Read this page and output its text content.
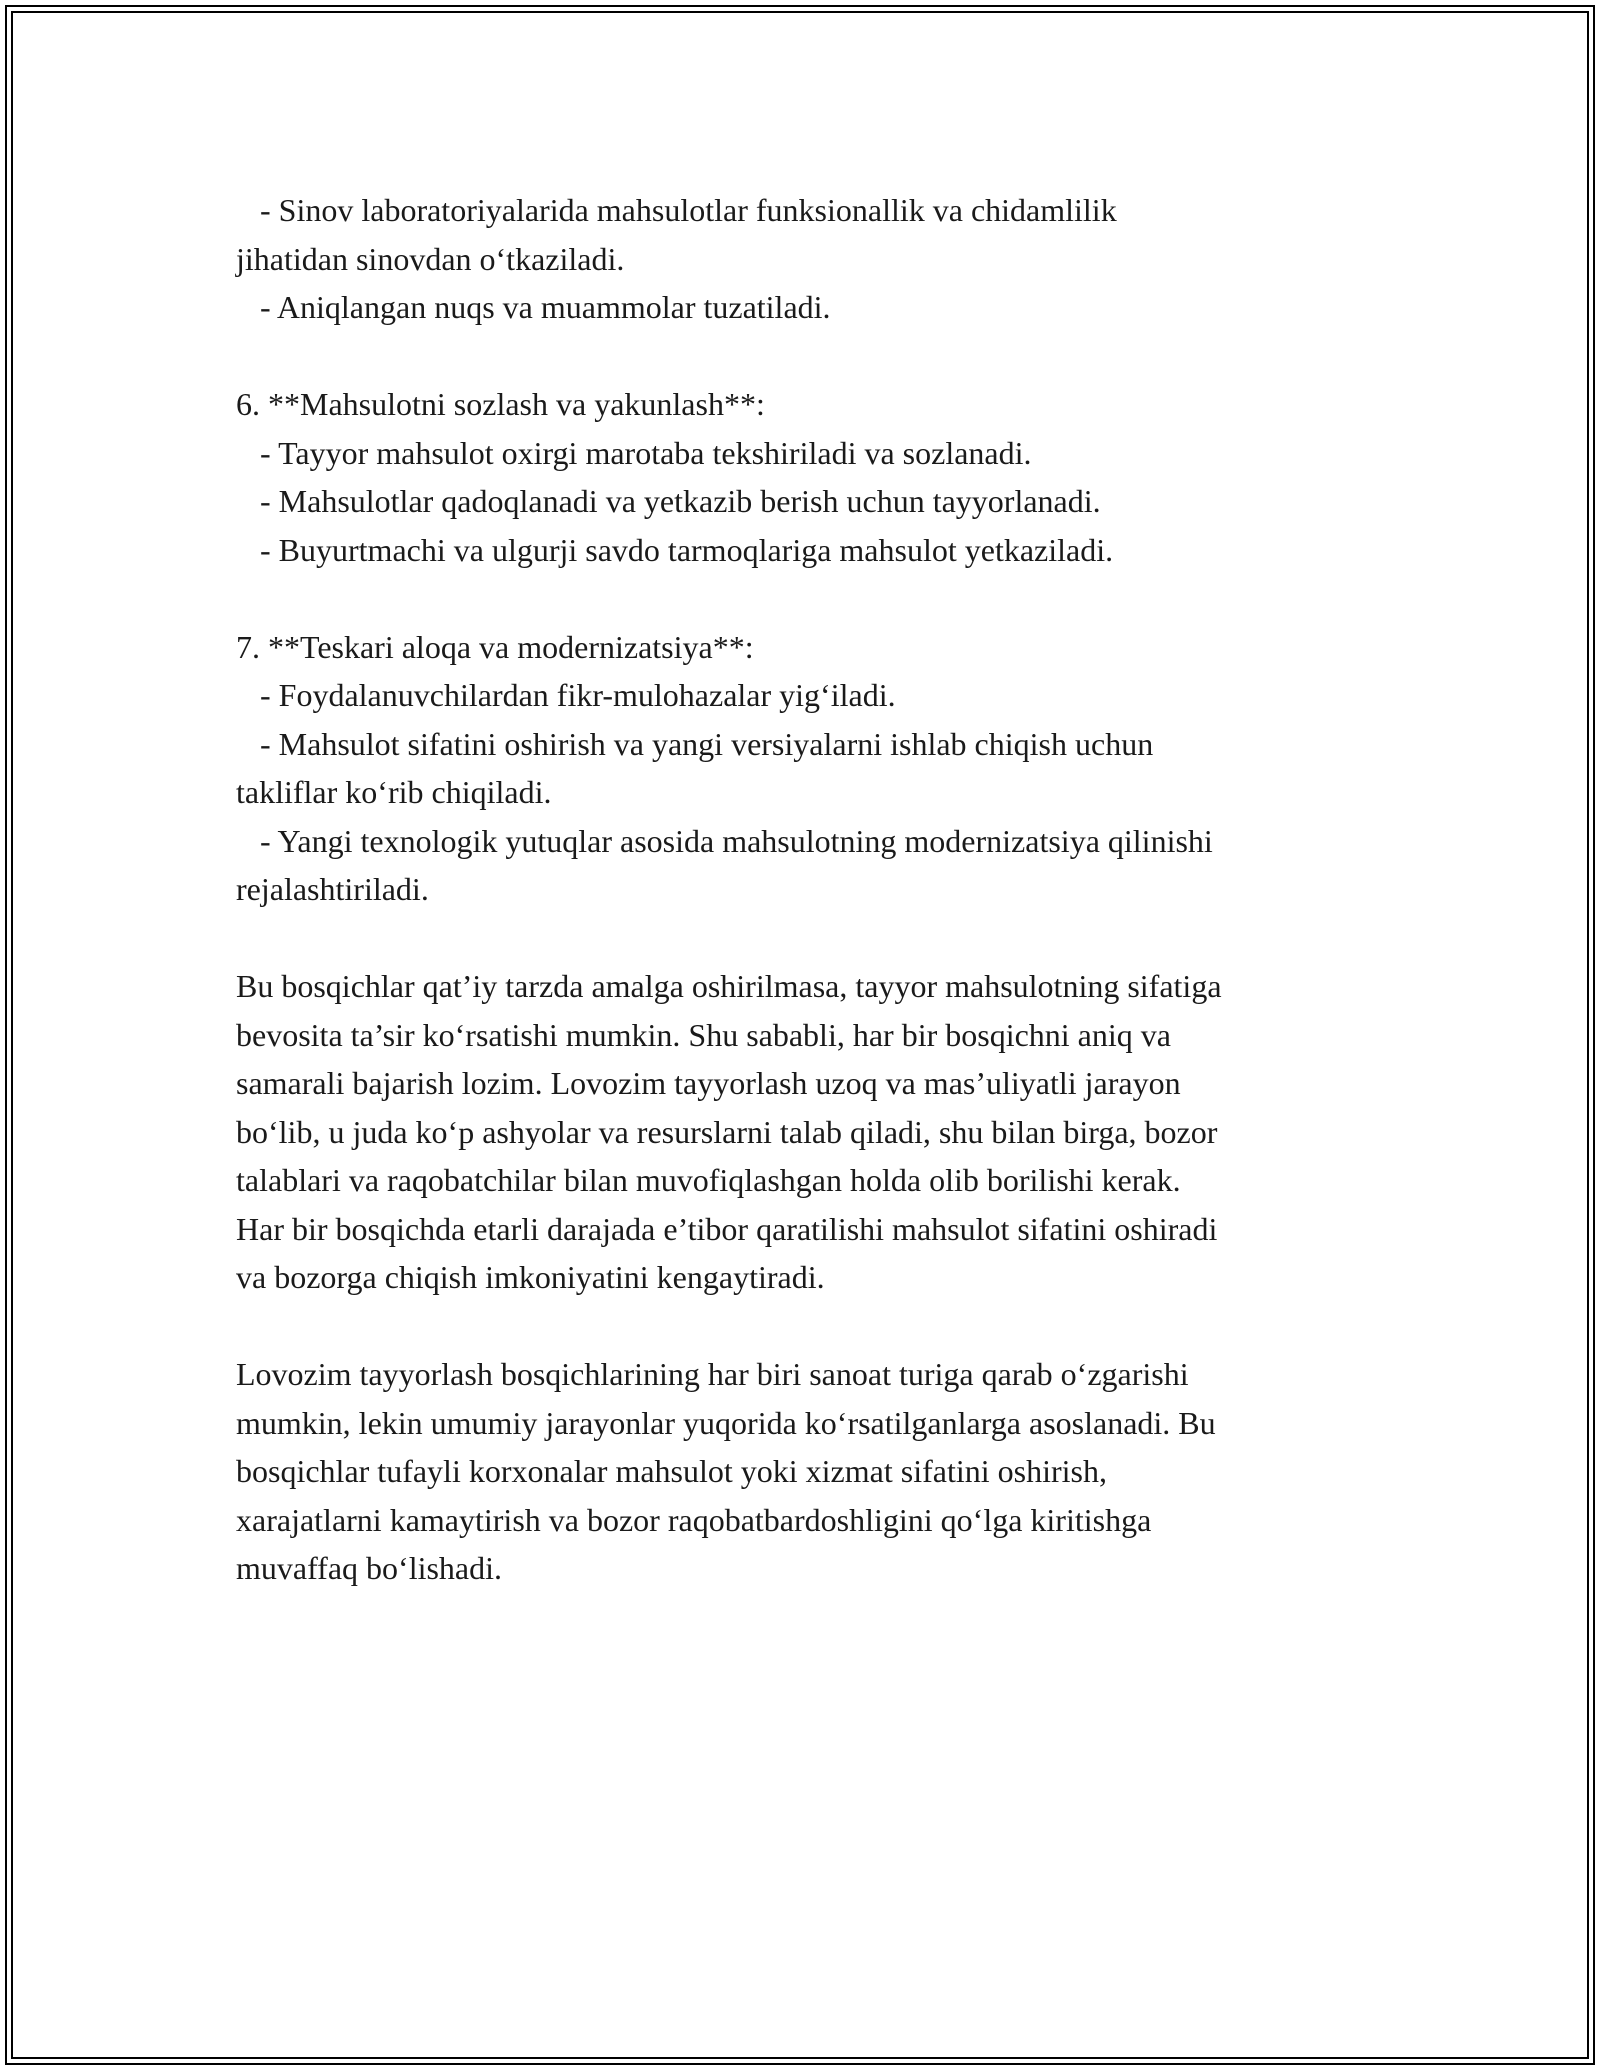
- Sinov laboratoriyalarida mahsulotlar funksionallik va chidamlilik
jihatidan sinovdan o‘tkaziladi.
- Aniqlangan nuqs va muammolar tuzatiladi.
6. **Mahsulotni sozlash va yakunlash**:
- Tayyor mahsulot oxirgi marotaba tekshiriladi va sozlanadi.
- Mahsulotlar qadoqlanadi va yetkazib berish uchun tayyorlanadi.
- Buyurtmachi va ulgurji savdo tarmoqlariga mahsulot yetkaziladi.
7. **Teskari aloqa va modernizatsiya**:
- Foydalanuvchilardan fikr-mulohazalar yig‘iladi.
- Mahsulot sifatini oshirish va yangi versiyalarni ishlab chiqish uchun
takliflar ko‘rib chiqiladi.
- Yangi texnologik yutuqlar asosida mahsulotning modernizatsiya qilinishi
rejalashtiriladi.
Bu bosqichlar qat’iy tarzda amalga oshirilmasa, tayyor mahsulotning sifatiga
bevosita ta’sir ko‘rsatishi mumkin. Shu sababli, har bir bosqichni aniq va
samarali bajarish lozim. Lovozim tayyorlash uzoq va mas’uliyatli jarayon
bo‘lib, u juda ko‘p ashyolar va resurslarni talab qiladi, shu bilan birga, bozor
talablari va raqobatchilar bilan muvofiqlashgan holda olib borilishi kerak.
Har bir bosqichda etarli darajada e’tibor qaratilishi mahsulot sifatini oshiradi
va bozorga chiqish imkoniyatini kengaytiradi.
Lovozim tayyorlash bosqichlarining har biri sanoat turiga qarab o‘zgarishi
mumkin, lekin umumiy jarayonlar yuqorida ko‘rsatilganlarga asoslanadi. Bu
bosqichlar tufayli korxonalar mahsulot yoki xizmat sifatini oshirish,
xarajatlarni kamaytirish va bozor raqobatbardoshligini qo‘lga kiritishga
muvaffaq bo‘lishadi.
